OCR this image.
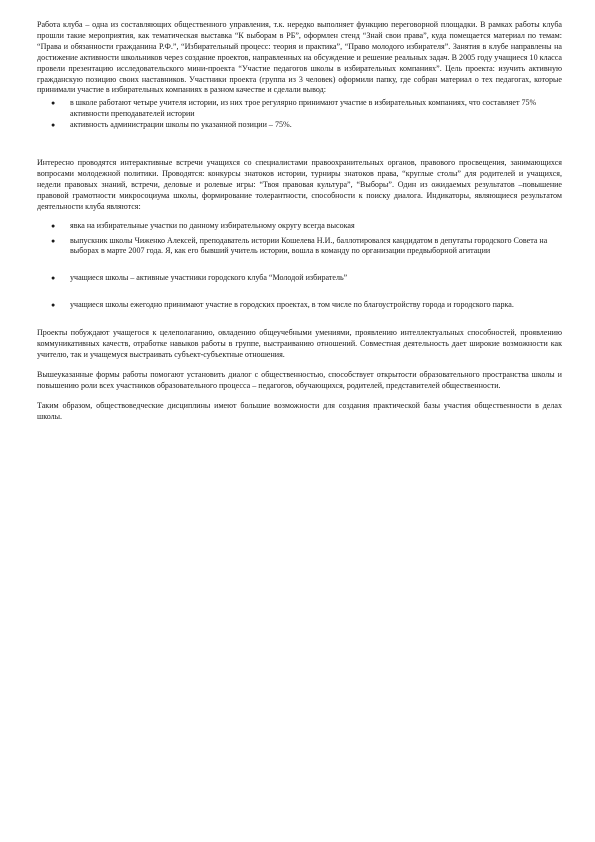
Работа клуба – одна из составляющих общественного управления, т.к. нередко выполняет функцию переговорной площадки. В рамках работы клуба прошли такие мероприятия, как тематическая выставка “К выборам в РБ”, оформлен стенд “Знай свои права”, куда помещается материал по темам: “Права и обязанности гражданина Р.Ф.”, “Избирательный процесс: теория и практика”, “Право молодого избирателя”. Занятия в клубе направлены на достижение активности школьников через создание проектов, направленных на обсуждение и решение реальных задач. В 2005 году учащиеся 10 класса провели презентацию исследовательского мини-проекта “Участие педагогов школы в избирательных компаниях”. Цель проекта: изучить активную гражданскую позицию своих наставников. Участники проекта (группа из 3 человек) оформили папку, где собран материал о тех педагогах, которые принимали участие в избирательных компаниях в разном качестве и сделали вывод:

● в школе работают четыре учителя истории, из них трое регулярно принимают участие в избирательных компаниях, что составляет 75% активности преподавателей истории
● активность администрации школы по указанной позиции – 75%.

Интересно проводятся интерактивные встречи учащихся со специалистами правоохранительных органов, правового просвещения, занимающихся вопросами молодежной политики. Проводятся: конкурсы знатоков истории, турниры знатоков права, “круглые столы” для родителей и учащихся, недели правовых знаний, встречи, деловые и ролевые игры: “Твоя правовая культура”, “Выборы”. Один из ожидаемых результатов –повышение правовой грамотности микросоциума школы, формирование толерантности, способности к поиску диалога. Индикаторы, являющиеся результатом деятельности клуба являются:

● явка на избирательные участки по данному избирательному округу всегда высокая
● выпускник школы Чиженко Алексей, преподаватель истории Кошелева Н.И., баллотировался кандидатом в депутаты городского Совета на выборах в марте 2007 года. Я, как его бывший учитель истории, вошла в команду по организации предвыборной агитации
● учащиеся школы – активные участники городского клуба “Молодой избиратель”
● учащиеся школы ежегодно принимают участие в городских проектах, в том числе по благоустройству города и городского парка.

Проекты побуждают учащегося к целеполаганию, овладению общеучебными умениями, проявлению интеллектуальных способностей, проявлению коммуникативных качеств, отработке навыков работы в группе, выстраиванию отношений. Совместная деятельность дает широкие возможности как учителю, так и учащемуся выстраивать субъект-субъектные отношения.

Вышеуказанные формы работы помогают установить диалог с общественностью, способствует открытости образовательного пространства школы и повышению роли всех участников образовательного процесса – педагогов, обучающихся, родителей, представителей общественности.

Таким образом, обществоведческие дисциплины имеют большие возможности для создания практической базы участия общественности в делах школы.
